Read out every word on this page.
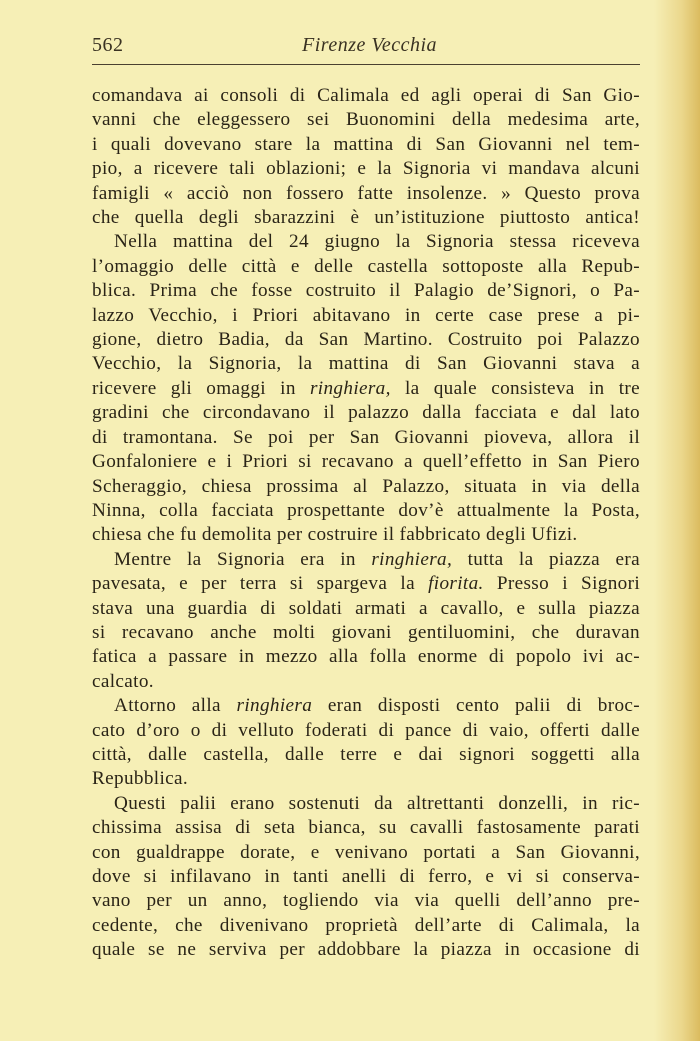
562	Firenze Vecchia

comandava ai consoli di Calimala ed agli operai di San Gio-

vanni che eleggessero sei Buonomini della medesima arte,

i quali dovevano stare la mattina di San Giovanni nel tem-

pio, a ricevere tali oblazioni; e la Signoria vi mandava alcuni

famigli « acciò non fossero fatte insolenze. » Questo prova

che quella degli sbarazzini è un’istituzione piuttosto antica!

Nella mattina del 24 giugno la Signoria stessa riceveva

l’omaggio delle città e delle castella sottoposte alla Repub-

blica. Prima che fosse costruito il Palagio de’Signori, o Pa-

lazzo Vecchio, i Priori abitavano in certe case prese a pi-

gione, dietro Badia, da San Martino. Costruito poi Palazzo

Vecchio, la Signoria, la mattina di San Giovanni stava a

ricevere gli omaggi in ringhiera, la quale consisteva in tre

gradini che circondavano il palazzo dalla facciata e dal lato

di tramontana. Se poi per San Giovanni pioveva, allora il

Gonfaloniere e i Priori si recavano a quell’effetto in San Piero

Scheraggio, chiesa prossima al Palazzo, situata in via della

Ninna, colla facciata prospettante dov’è attualmente la Posta,

chiesa che fu demolita per costruire il fabbricato degli Ufizi.

Mentre la Signoria era in ringhiera, tutta la piazza era

pavesata, e per terra si spargeva la fiorita. Presso i Signori

stava una guardia di soldati armati a cavallo, e sulla piazza

si recavano anche molti giovani gentiluomini, che duravan

fatica a passare in mezzo alla folla enorme di popolo ivi ac-

calcato.

Attorno alla ringhiera eran disposti cento palii di broc-

cato d’oro o di velluto foderati di pance di vaio, offerti dalle

città, dalle castella, dalle terre e dai signori soggetti alla

Repubblica.

Questi palii erano sostenuti da altrettanti donzelli, in ric-

chissima assisa di seta bianca, su cavalli fastosamente parati

con gualdrappe dorate, e venivano portati a San Giovanni,

dove si infilavano in tanti anelli di ferro, e vi si conserva-

vano per un anno, togliendo via via quelli dell’anno pre-

cedente, che divenivano proprietà dell’arte di Calimala, la

quale se ne serviva per addobbare la piazza in occasione di
